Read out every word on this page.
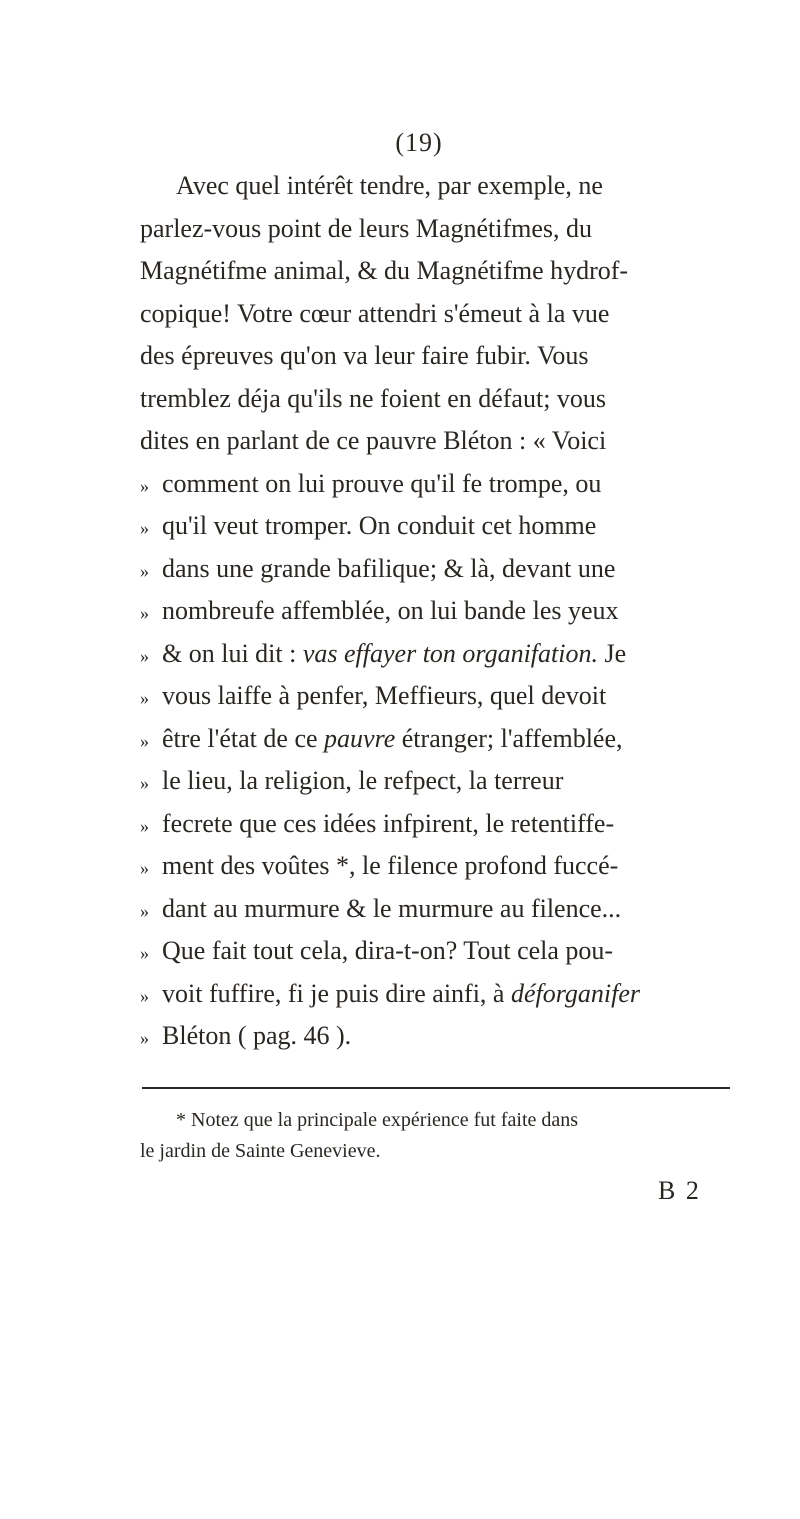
(19)
Avec quel intérêt tendre, par exemple, ne
parlez-vous point de leurs Magnétifmes, du
Magnétifme animal, & du Magnétifme hydrof-
copique! Votre cœur attendri s'émeut à la vue
des épreuves qu'on va leur faire fubir. Vous
tremblez déja qu'ils ne foient en défaut; vous
dites en parlant de ce pauvre Bléton : « Voici
» comment on lui prouve qu'il fe trompe, ou
» qu'il veut tromper. On conduit cet homme
» dans une grande bafilique; & là, devant une
» nombreufe affemblée, on lui bande les yeux
» & on lui dit : vas effayer ton organifation. Je
» vous laiffe à penfer, Meffieurs, quel devoit
» être l'état de ce pauvre étranger; l'affemblée,
» le lieu, la religion, le refpect, la terreur
» fecrete que ces idées infpirent, le retentiffe-
» ment des voûtes *, le filence profond fuccé-
» dant au murmure & le murmure au filence...
» Que fait tout cela, dira-t-on? Tout cela pou-
» voit fuffire, fi je puis dire ainfi, à déforganifer
» Bléton ( pag. 46 ).
* Notez que la principale expérience fut faite dans
le jardin de Sainte Genevieve.
B 2
